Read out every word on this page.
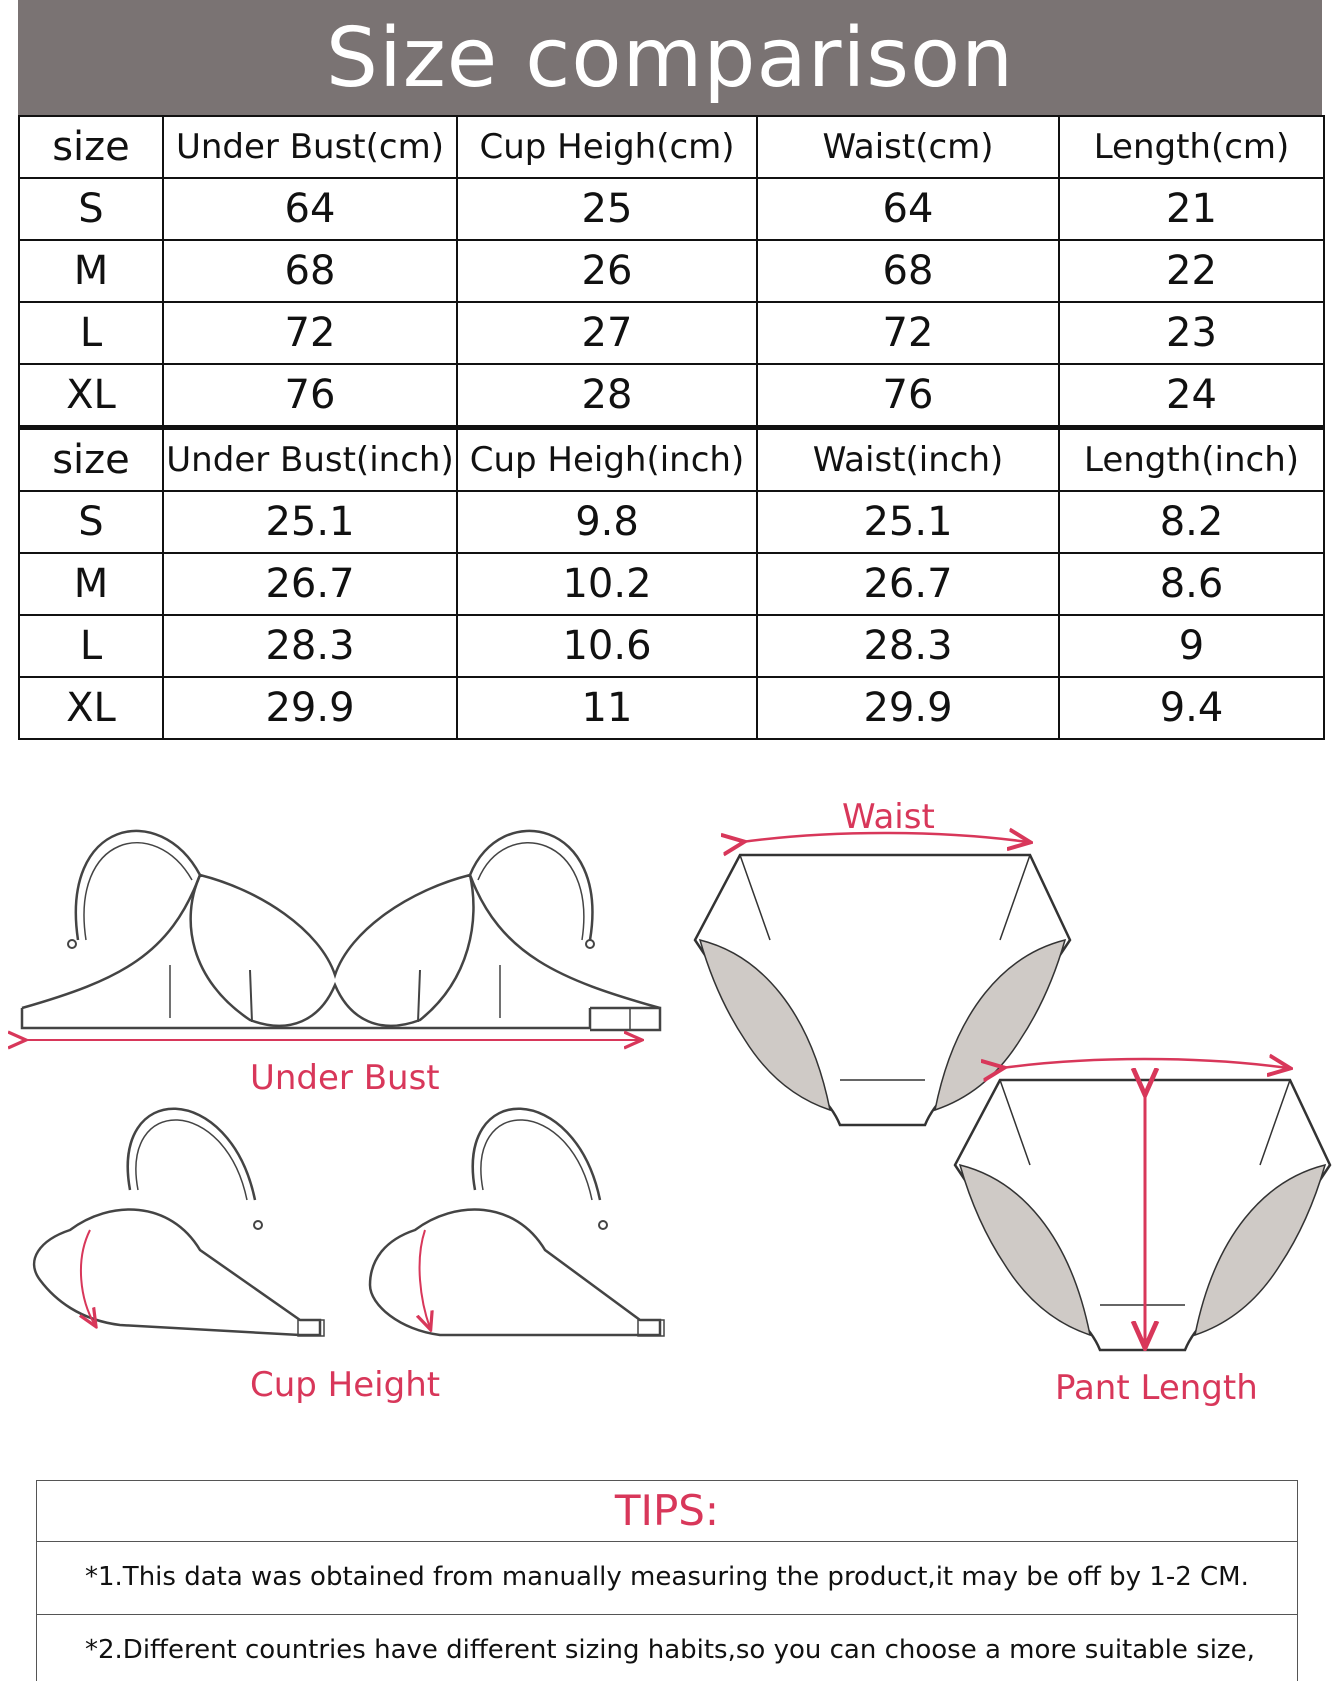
Size comparison
size	Under Bust(cm)	Cup Heigh(cm)	Waist(cm)	Length(cm)
S	64	25	64	21
M	68	26	68	22
L	72	27	72	23
XL	76	28	76	24
size	Under Bust(inch)	Cup Heigh(inch)	Waist(inch)	Length(inch)
S	25.1	9.8	25.1	8.2
M	26.7	10.2	26.7	8.6
L	28.3	10.6	28.3	9
XL	29.9	11	29.9	9.4
Under Bust
Cup Height
Waist
Pant Length
TIPS:
*1.This data was obtained from manually measuring the product,it may be off by 1-2 CM.
*2.Different countries have different sizing habits,so you can choose a more suitable size,
